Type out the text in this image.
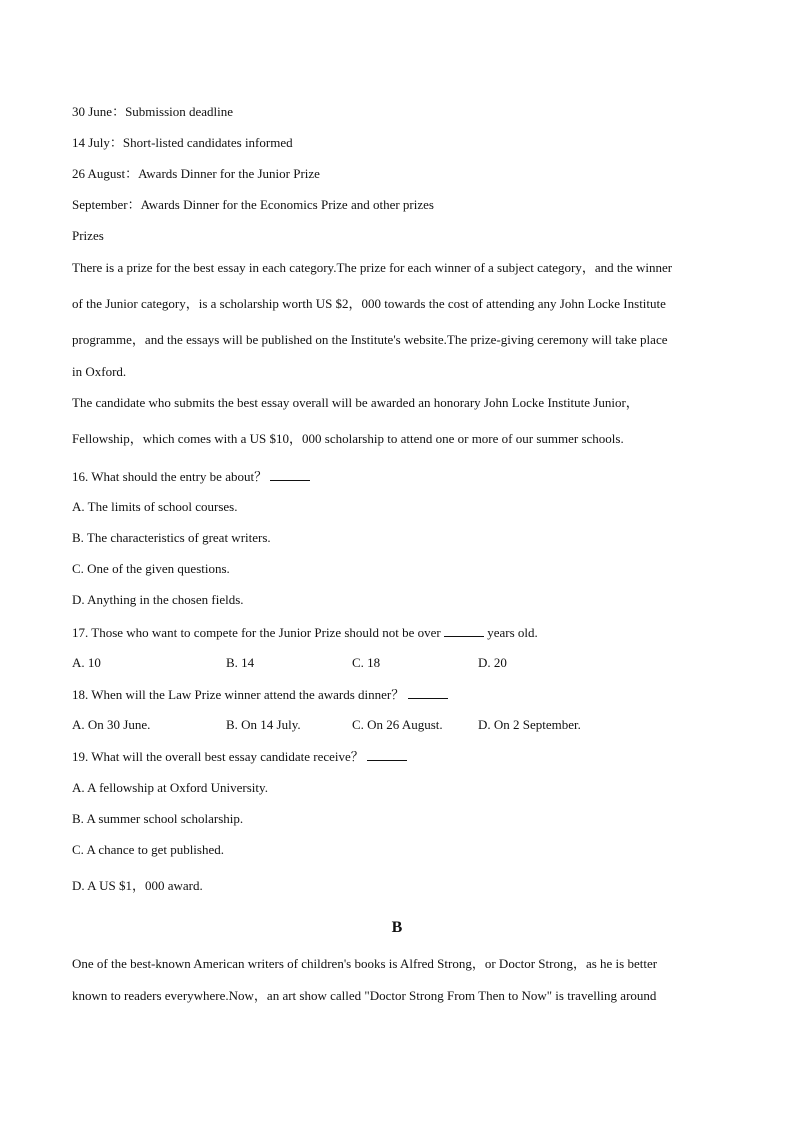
30 June：Submission deadline
14 July：Short-listed candidates informed
26 August：Awards Dinner for the Junior Prize
September：Awards Dinner for the Economics Prize and other prizes
Prizes
There is a prize for the best essay in each category.The prize for each winner of a subject category，and the winner
of the Junior category，is a scholarship worth US $2，000 towards the cost of attending any John Locke Institute
programme，and the essays will be published on the Institute's website.The prize-giving ceremony will take place
in Oxford.
The candidate who submits the best essay overall will be awarded an honorary John Locke Institute Junior，
Fellowship，which comes with a US $10，000 scholarship to attend one or more of our summer schools.
16. What should the entry be about？
A. The limits of school courses.
B. The characteristics of great writers.
C. One of the given questions.
D. Anything in the chosen fields.
17. Those who want to compete for the Junior Prize should not be over	years old.
A. 10	B. 14	C. 18	D. 20
18. When will the Law Prize winner attend the awards dinner？
A. On 30 June.	B. On 14 July.	C. On 26 August.	D. On 2 September.
19. What will the overall best essay candidate receive？
A. A fellowship at Oxford University.
B. A summer school scholarship.
C. A chance to get published.
D. A US $1，000 award.
B
One of the best-known American writers of children's books is Alfred Strong，or Doctor Strong，as he is better
known to readers everywhere.Now，an art show called "Doctor Strong From Then to Now" is travelling around
